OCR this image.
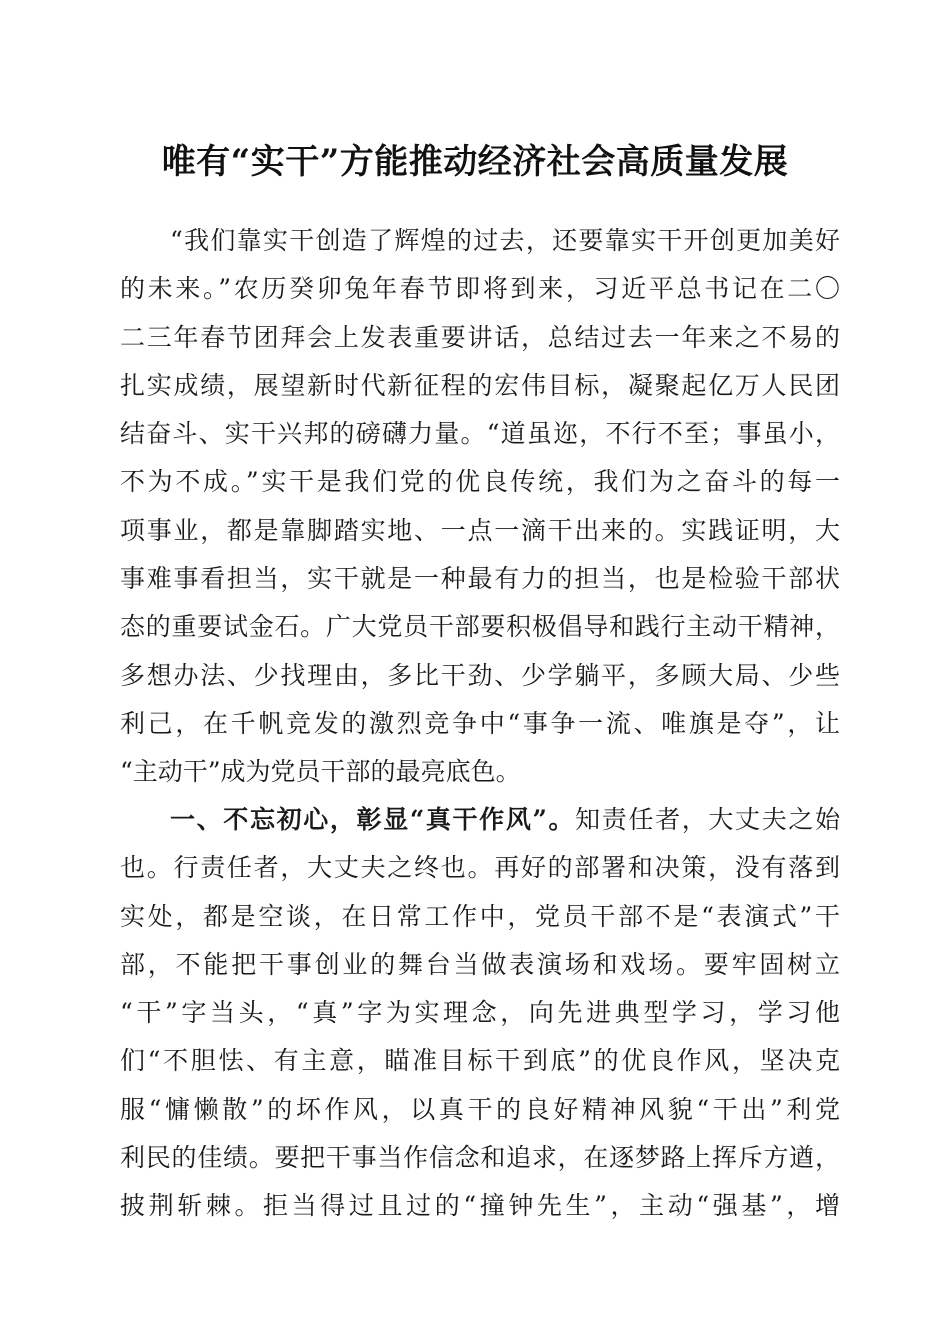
唯有“实干”方能推动经济社会高质量发展
“我们靠实干创造了辉煌的过去，还要靠实干开创更加美好
的未来。”农历癸卯兔年春节即将到来，习近平总书记在二〇
二三年春节团拜会上发表重要讲话，总结过去一年来之不易的
扎实成绩，展望新时代新征程的宏伟目标，凝聚起亿万人民团
结奋斗、实干兴邦的磅礴力量。“道虽迩，不行不至；事虽小，
不为不成。”实干是我们党的优良传统，我们为之奋斗的每一
项事业，都是靠脚踏实地、一点一滴干出来的。实践证明，大
事难事看担当，实干就是一种最有力的担当，也是检验干部状
态的重要试金石。广大党员干部要积极倡导和践行主动干精神，
多想办法、少找理由，多比干劲、少学躺平，多顾大局、少些
利己，在千帆竞发的激烈竞争中“事争一流、唯旗是夺”，让
“主动干”成为党员干部的最亮底色。
一、不忘初心，彰显“真干作风”。知责任者，大丈夫之始
也。行责任者，大丈夫之终也。再好的部署和决策，没有落到
实处，都是空谈，在日常工作中，党员干部不是“表演式”干
部，不能把干事创业的舞台当做表演场和戏场。要牢固树立
“干”字当头，“真”字为实理念，向先进典型学习，学习他
们“不胆怯、有主意，瞄准目标干到底”的优良作风，坚决克
服“慵懒散”的坏作风，以真干的良好精神风貌“干出”利党
利民的佳绩。要把干事当作信念和追求，在逐梦路上挥斥方遒，
披荆斩棘。拒当得过且过的“撞钟先生”，主动“强基”，增
